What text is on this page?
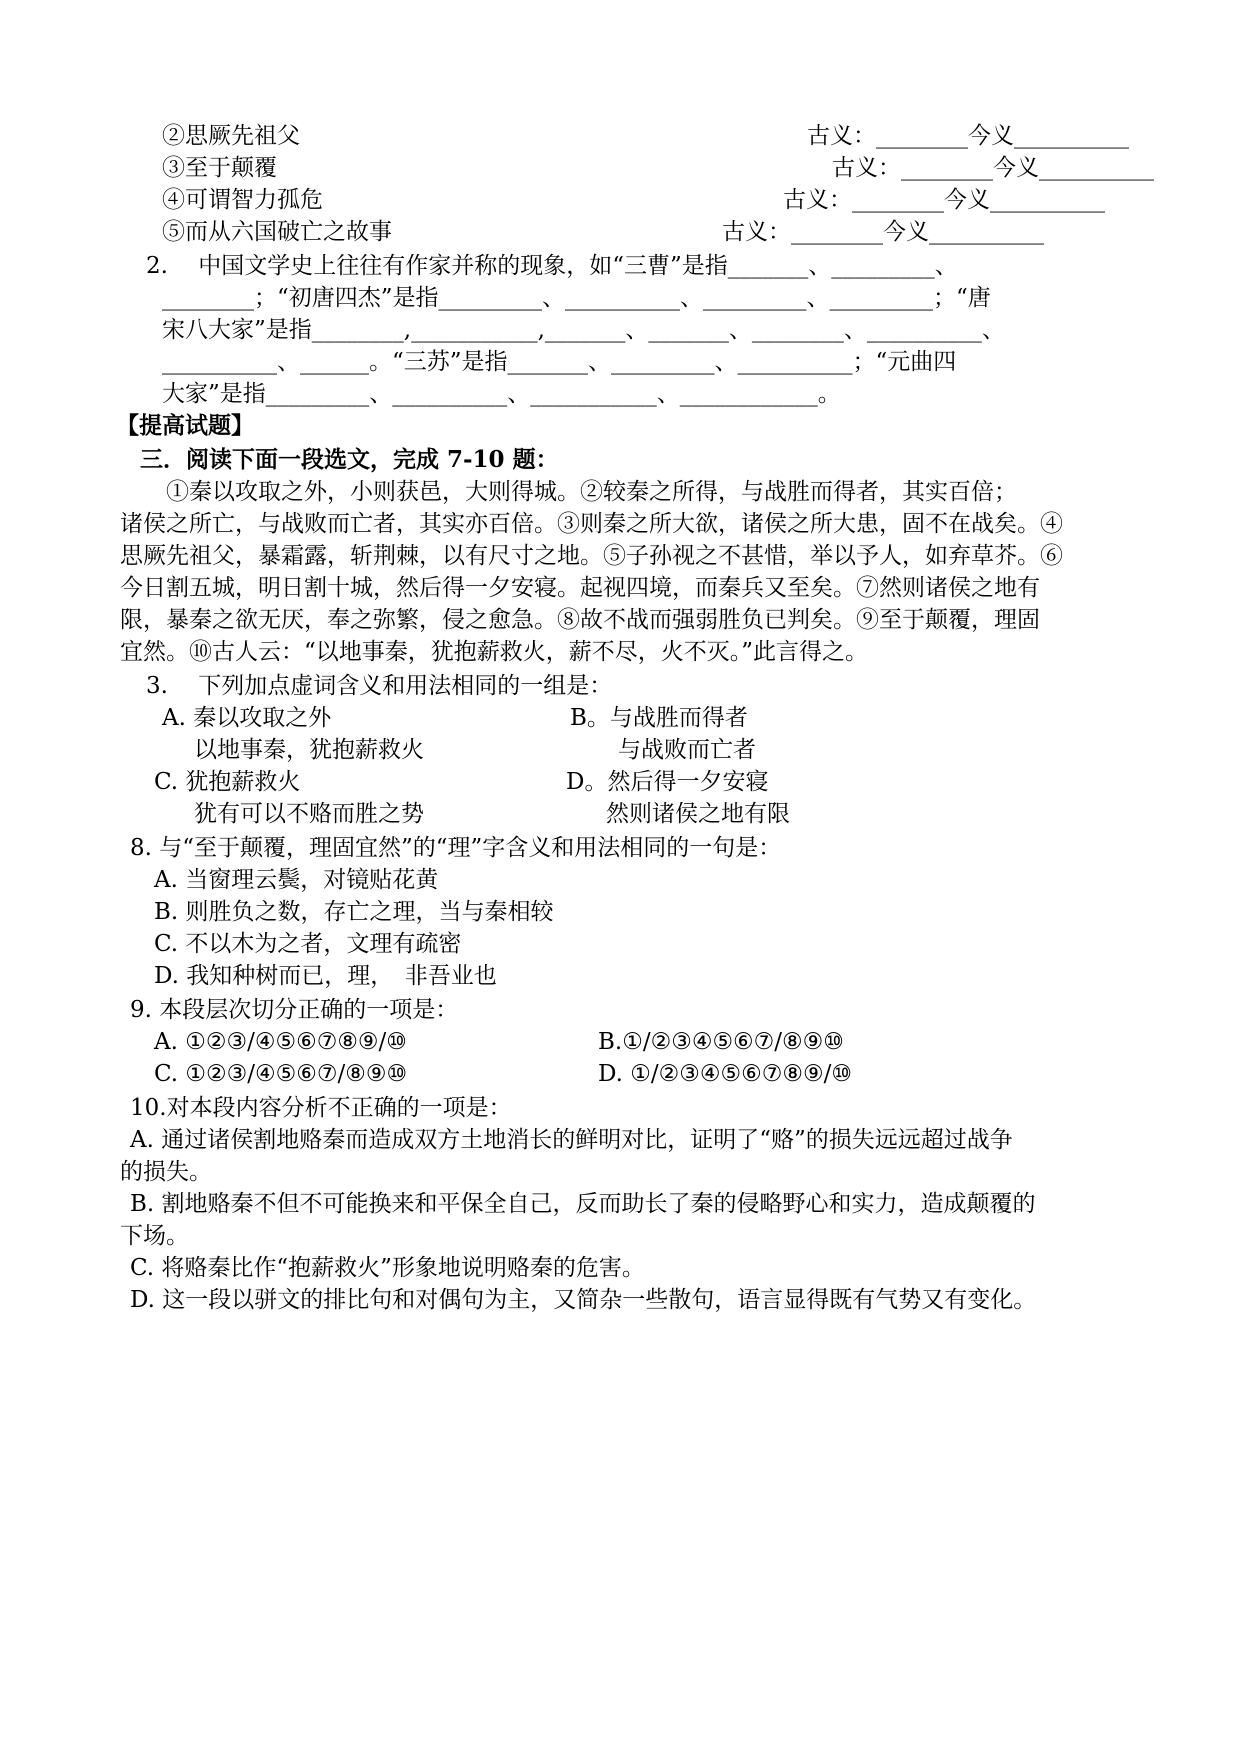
②思厥先祖父	古义：________今义__________
③至于颠覆	古义：________今义__________
④可谓智力孤危	古义：________今义__________
⑤而从六国破亡之故事	古义：________今义__________
2.　 中国文学史上往往有作家并称的现象，如“三曹”是指_______、_________、
________；“初唐四杰”是指_________、__________、_________、_________；“唐
宋八大家”是指________,___________,_______、_______、________、__________、
__________、______。“三苏”是指_______、_________、__________；“元曲四
大家”是指_________、__________、___________、____________。
【提高试题】
三．阅读下面一段选文，完成 7-10 题：
　　①秦以攻取之外，小则获邑，大则得城。②较秦之所得，与战胜而得者，其实百倍；
诸侯之所亡，与战败而亡者，其实亦百倍。③则秦之所大欲，诸侯之所大患，固不在战矣。④
思厥先祖父，暴霜露，斩荆棘，以有尺寸之地。⑤子孙视之不甚惜，举以予人，如弃草芥。⑥
今日割五城，明日割十城，然后得一夕安寝。起视四境，而秦兵又至矣。⑦然则诸侯之地有
限，暴秦之欲无厌，奉之弥繁，侵之愈急。⑧故不战而强弱胜负已判矣。⑨至于颠覆，理固
宜然。⑩古人云：“以地事秦，犹抱薪救火，薪不尽，火不灭。”此言得之。
3.　 下列加点虚词含义和用法相同的一组是：
A. 秦以攻取之外	B。与战胜而得者
以地事秦，犹抱薪救火	与战败而亡者
C. 犹抱薪救火	D。然后得一夕安寝
犹有可以不赂而胜之势	然则诸侯之地有限
8. 与“至于颠覆，理固宜然”的“理”字含义和用法相同的一句是：
A. 当窗理云鬓，对镜贴花黄
B. 则胜负之数，存亡之理，当与秦相较
C. 不以木为之者，文理有疏密
D. 我知种树而已，理，　非吾业也
9. 本段层次切分正确的一项是：
A. ①②③/④⑤⑥⑦⑧⑨/⑩	B.①/②③④⑤⑥⑦/⑧⑨⑩
C. ①②③/④⑤⑥⑦/⑧⑨⑩	D. ①/②③④⑤⑥⑦⑧⑨/⑩
10.对本段内容分析不正确的一项是：
A. 通过诸侯割地赂秦而造成双方土地消长的鲜明对比，证明了“赂”的损失远远超过战争
的损失。
B. 割地赂秦不但不可能换来和平保全自己，反而助长了秦的侵略野心和实力，造成颠覆的
下场。
C. 将赂秦比作“抱薪救火”形象地说明赂秦的危害。
D. 这一段以骈文的排比句和对偶句为主，又简杂一些散句，语言显得既有气势又有变化。
